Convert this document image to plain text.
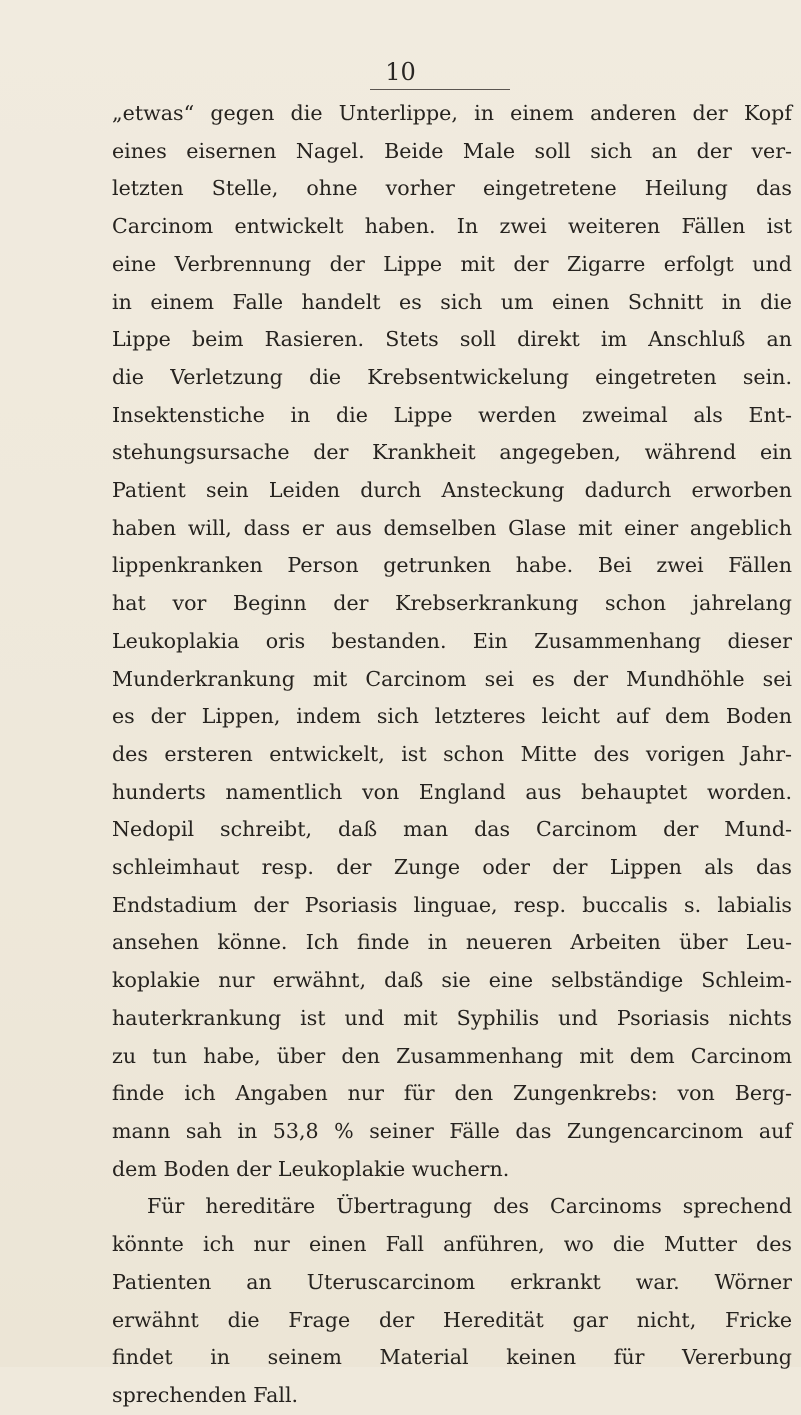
10
„etwas“ gegen die Unterlippe, in einem anderen der Kopf
eines eisernen Nagel. Beide Male soll sich an der ver-
letzten Stelle, ohne vorher eingetretene Heilung das
Carcinom entwickelt haben. In zwei weiteren Fällen ist
eine Verbrennung der Lippe mit der Zigarre erfolgt und
in einem Falle handelt es sich um einen Schnitt in die
Lippe beim Rasieren. Stets soll direkt im Anschluß an
die Verletzung die Krebsentwickelung eingetreten sein.
Insektenstiche in die Lippe werden zweimal als Ent-
stehungsursache der Krankheit angegeben, während ein
Patient sein Leiden durch Ansteckung dadurch erworben
haben will, dass er aus demselben Glase mit einer angeblich
lippenkranken Person getrunken habe. Bei zwei Fällen
hat vor Beginn der Krebserkrankung schon jahrelang
Leukoplakia oris bestanden. Ein Zusammenhang dieser
Munderkrankung mit Carcinom sei es der Mundhöhle sei
es der Lippen, indem sich letzteres leicht auf dem Boden
des ersteren entwickelt, ist schon Mitte des vorigen Jahr-
hunderts namentlich von England aus behauptet worden.
Nedopil schreibt, daß man das Carcinom der Mund-
schleimhaut resp. der Zunge oder der Lippen als das
Endstadium der Psoriasis linguae, resp. buccalis s. labialis
ansehen könne. Ich finde in neueren Arbeiten über Leu-
koplakie nur erwähnt, daß sie eine selbständige Schleim-
hauterkrankung ist und mit Syphilis und Psoriasis nichts
zu tun habe, über den Zusammenhang mit dem Carcinom
finde ich Angaben nur für den Zungenkrebs: von Berg-
mann sah in 53,8 % seiner Fälle das Zungencarcinom auf
dem Boden der Leukoplakie wuchern.
Für hereditäre Übertragung des Carcinoms sprechend
könnte ich nur einen Fall anführen, wo die Mutter des
Patienten an Uteruscarcinom erkrankt war. Wörner
erwähnt die Frage der Heredität gar nicht, Fricke
findet in seinem Material keinen für Vererbung
sprechenden Fall.
